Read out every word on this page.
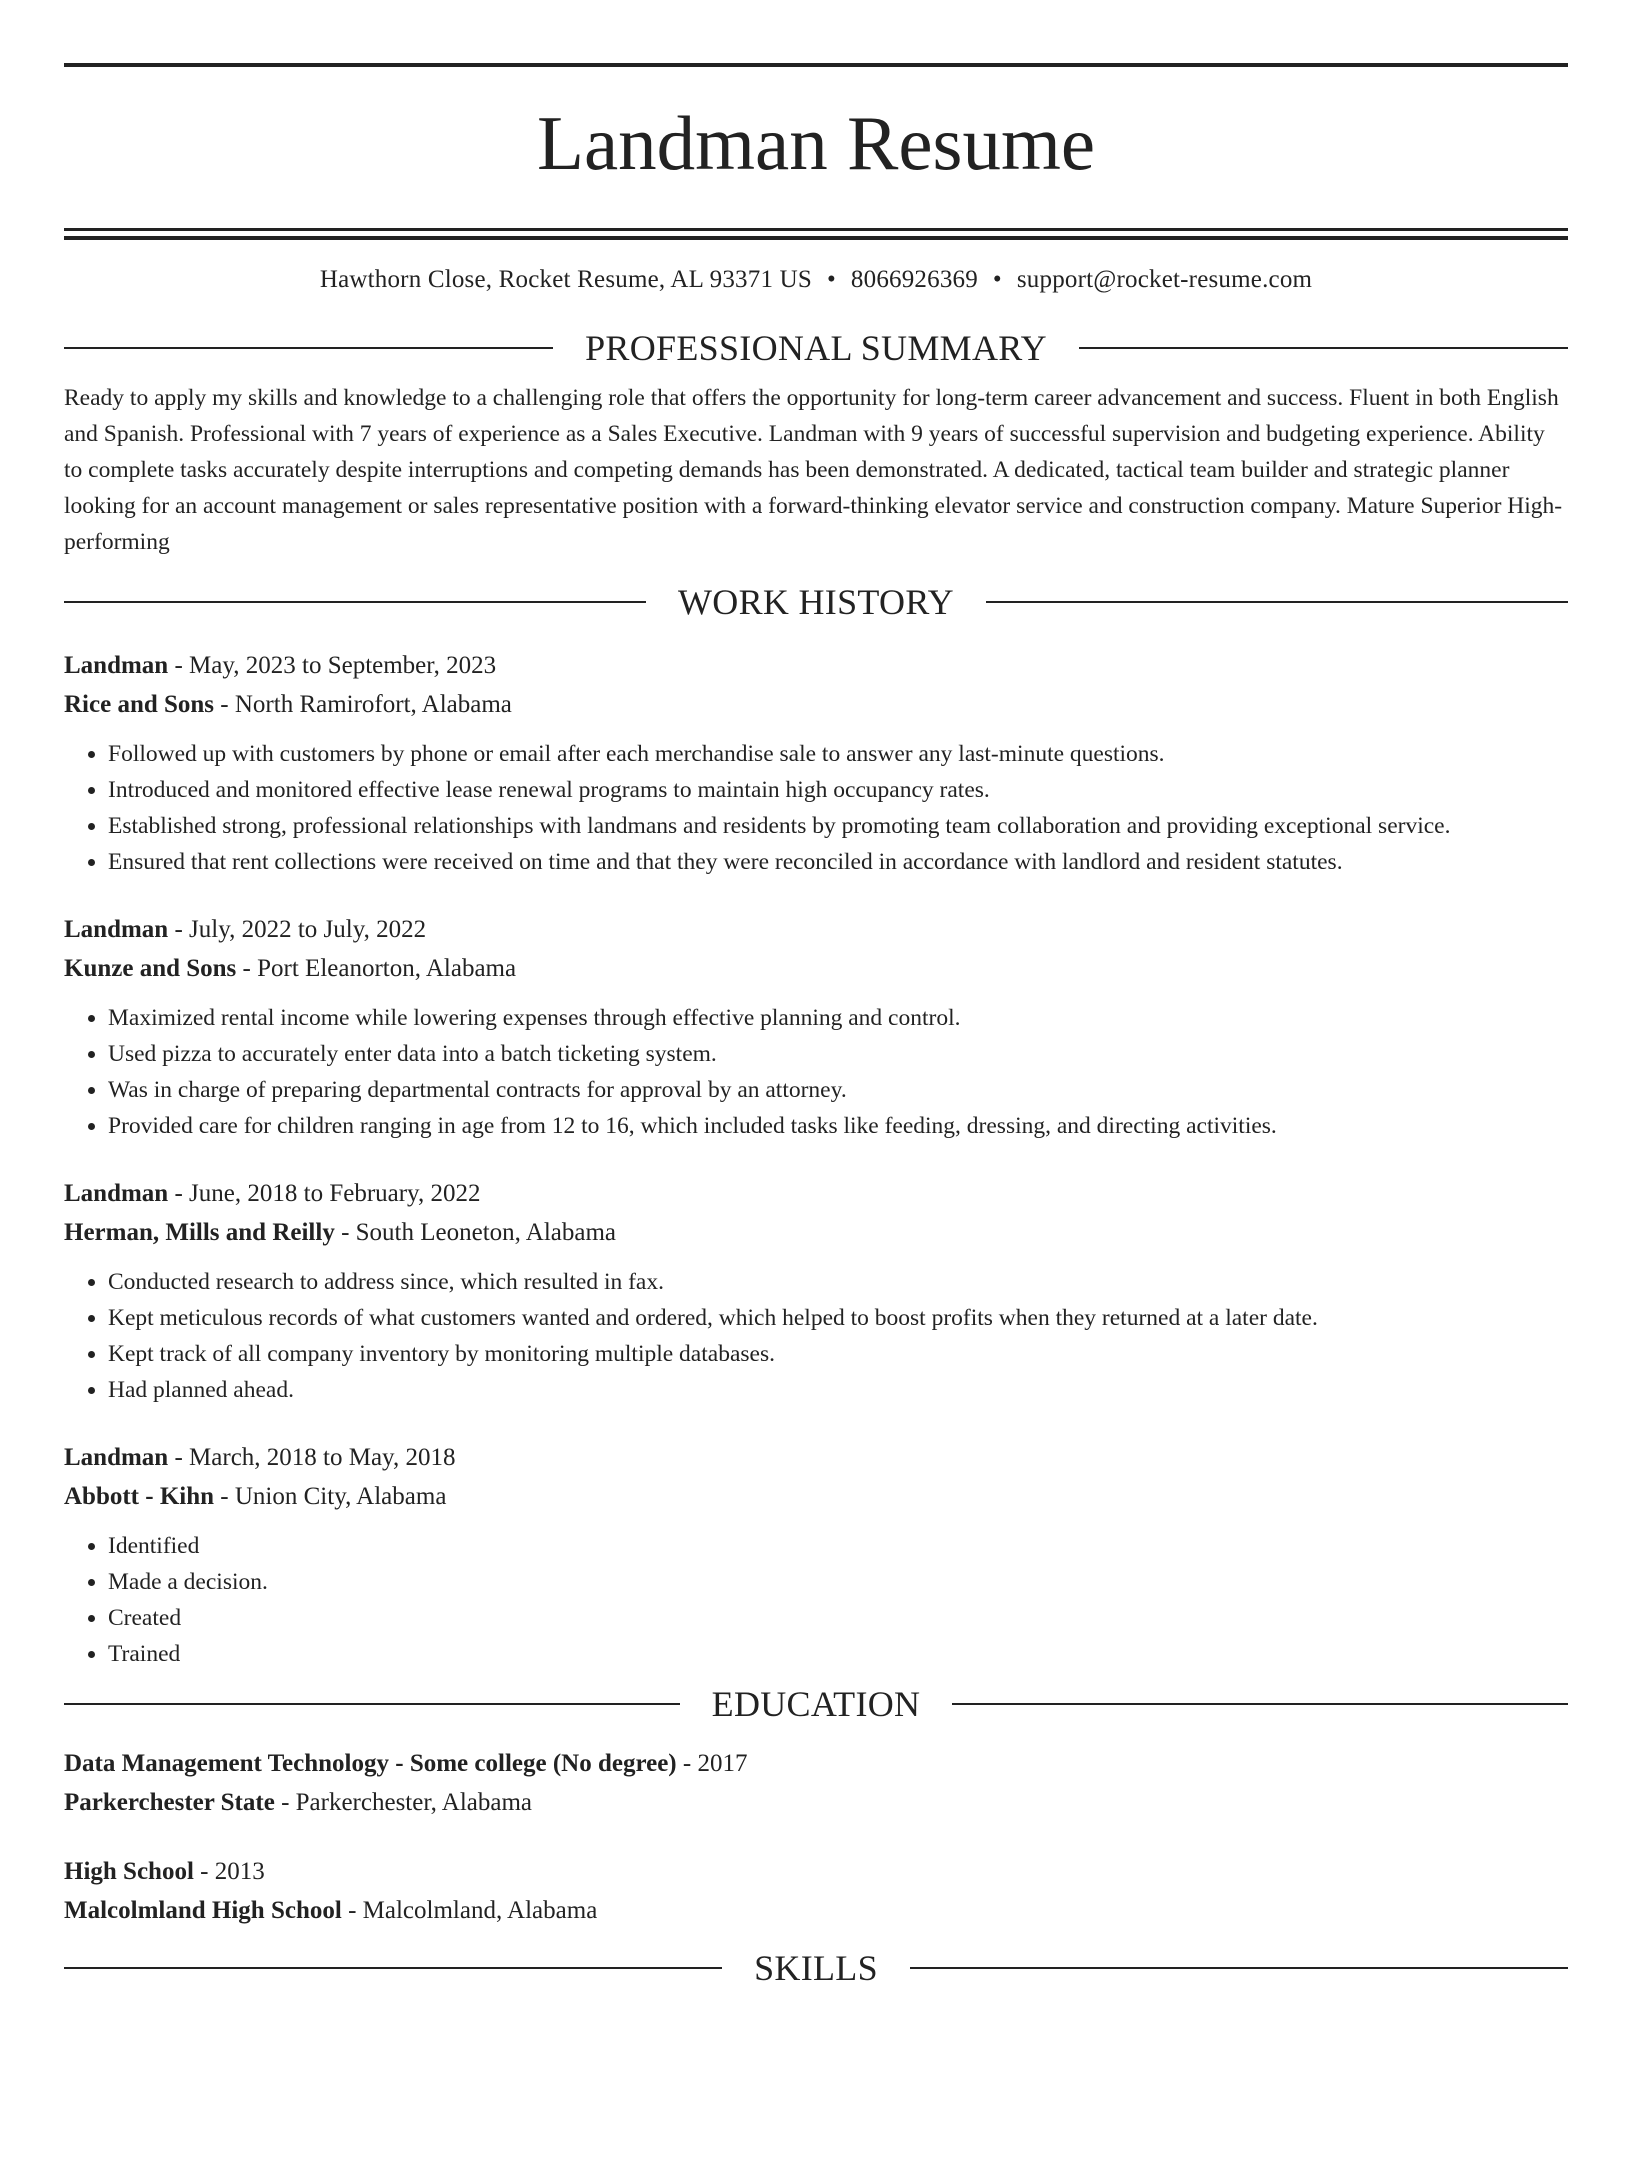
Landman Resume
Hawthorn Close, Rocket Resume, AL 93371 US • 8066926369 • support@rocket-resume.com
PROFESSIONAL SUMMARY

Ready to apply my skills and knowledge to a challenging role that offers the opportunity for long-term career advancement and success. Fluent in both English and Spanish. Professional with 7 years of experience as a Sales Executive. Landman with 9 years of successful supervision and budgeting experience. Ability to complete tasks accurately despite interruptions and competing demands has been demonstrated. A dedicated, tactical team builder and strategic planner looking for an account management or sales representative position with a forward-thinking elevator service and construction company. Mature Superior High-performing

WORK HISTORY
Landman - May, 2023 to September, 2023
Rice and Sons - North Ramirofort, Alabama
• Followed up with customers by phone or email after each merchandise sale to answer any last-minute questions.
• Introduced and monitored effective lease renewal programs to maintain high occupancy rates.
• Established strong, professional relationships with landmans and residents by promoting team collaboration and providing exceptional service.
• Ensured that rent collections were received on time and that they were reconciled in accordance with landlord and resident statutes.
Landman - July, 2022 to July, 2022
Kunze and Sons - Port Eleanorton, Alabama
• Maximized rental income while lowering expenses through effective planning and control.
• Used pizza to accurately enter data into a batch ticketing system.
• Was in charge of preparing departmental contracts for approval by an attorney.
• Provided care for children ranging in age from 12 to 16, which included tasks like feeding, dressing, and directing activities.
Landman - June, 2018 to February, 2022
Herman, Mills and Reilly - South Leoneton, Alabama
• Conducted research to address since, which resulted in fax.
• Kept meticulous records of what customers wanted and ordered, which helped to boost profits when they returned at a later date.
• Kept track of all company inventory by monitoring multiple databases.
• Had planned ahead.
Landman - March, 2018 to May, 2018
Abbott - Kihn - Union City, Alabama
• Identified
• Made a decision.
• Created
• Trained
EDUCATION
Data Management Technology - Some college (No degree) - 2017
Parkerchester State - Parkerchester, Alabama
High School - 2013
Malcolmland High School - Malcolmland, Alabama
SKILLS
